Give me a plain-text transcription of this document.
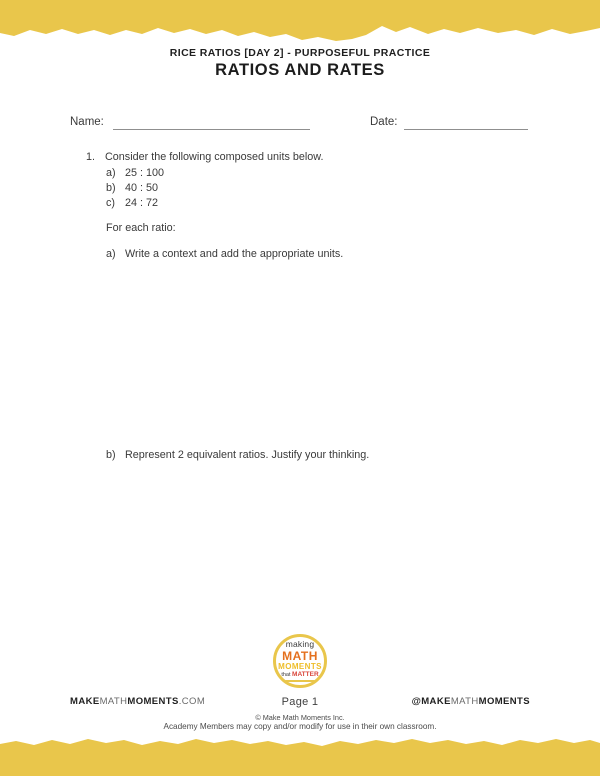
RICE RATIOS [DAY 2] - PURPOSEFUL PRACTICE
RATIOS AND RATES
Name:	Date:
1. Consider the following composed units below.
a) 25 : 100
b) 40 : 50
c) 24 : 72
For each ratio:
a) Write a context and add the appropriate units.
b) Represent 2 equivalent ratios. Justify your thinking.
making
MATH
MOMENTS
that MATTER
Page 1
MAKEMATHMOMENTS.COM	@MAKEMATHMOMENTS
© Make Math Moments Inc.
Academy Members may copy and/or modify for use in their own classroom.
